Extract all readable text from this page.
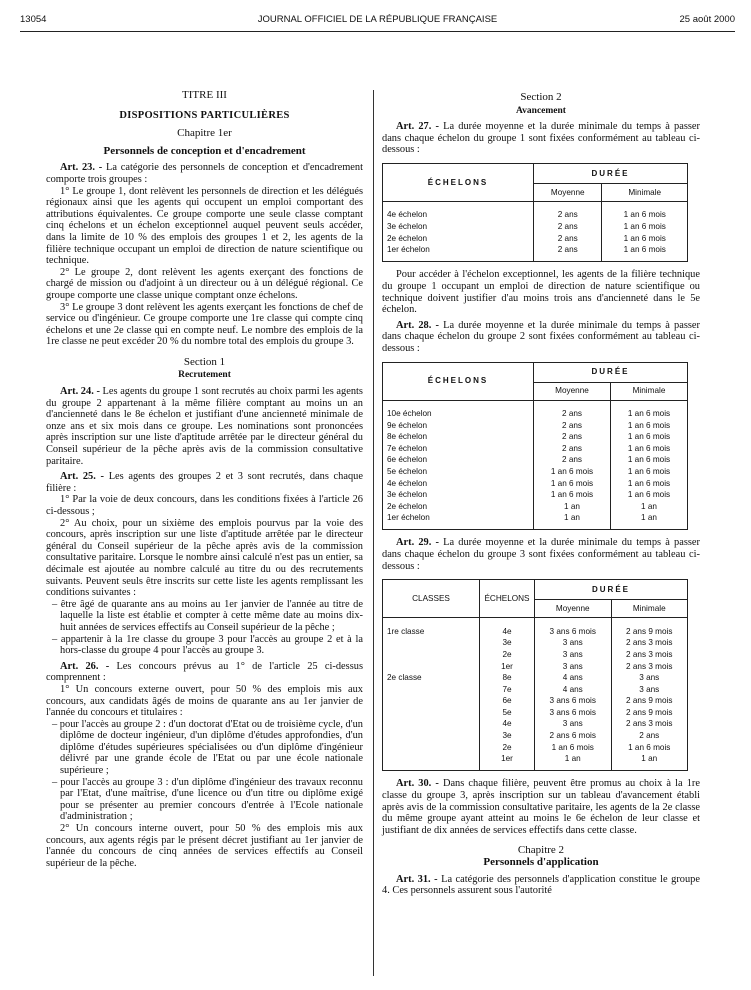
13054	JOURNAL OFFICIEL DE LA RÉPUBLIQUE FRANÇAISE	25 août 2000

TITRE III

DISPOSITIONS PARTICULIÈRES

Chapitre 1er

Personnels de conception et d'encadrement

Art. 23. - La catégorie des personnels de conception et d'encadrement comporte trois groupes :

1° Le groupe 1, dont relèvent les personnels de direction et les délégués régionaux ainsi que les agents qui occupent un emploi comportant des attributions équivalentes. Ce groupe comporte une seule classe comptant cinq échelons et un échelon exceptionnel auquel peuvent seuls accéder, dans la limite de 10 % des emplois des groupes 1 et 2, les agents de la filière technique occupant un emploi de direction de nature scientifique ou technique.

2° Le groupe 2, dont relèvent les agents exerçant des fonctions de chargé de mission ou d'adjoint à un directeur ou à un délégué régional. Ce groupe comporte une classe unique comptant onze échelons.

3° Le groupe 3 dont relèvent les agents exerçant les fonctions de chef de service ou d'ingénieur. Ce groupe comporte une 1re classe qui compte cinq échelons et une 2e classe qui en compte neuf. Le nombre des emplois de la 1re classe ne peut excéder 20 % du nombre total des emplois du groupe 3.

Section 1

Recrutement

Art. 24. - Les agents du groupe 1 sont recrutés au choix parmi les agents du groupe 2 appartenant à la même filière comptant au moins un an d'ancienneté dans le 8e échelon et justifiant d'une ancienneté minimale de onze ans et six mois dans ce groupe. Les nominations sont prononcées après inscription sur une liste d'aptitude arrêtée par le directeur général du Conseil supérieur de la pêche après avis de la commission consultative paritaire.

Art. 25. - Les agents des groupes 2 et 3 sont recrutés, dans chaque filière :

1° Par la voie de deux concours, dans les conditions fixées à l'article 26 ci-dessous ;

2° Au choix, pour un sixième des emplois pourvus par la voie des concours, après inscription sur une liste d'aptitude arrêtée par le directeur général du Conseil supérieur de la pêche après avis de la commission consultative paritaire. Lorsque le nombre ainsi calculé n'est pas un entier, sa décimale est ajoutée au nombre calculé au titre du ou des recrutements suivants. Peuvent seuls être inscrits sur cette liste les agents remplissant les conditions suivantes :

– être âgé de quarante ans au moins au 1er janvier de l'année au titre de laquelle la liste est établie et compter à cette même date au moins dix-huit années de services effectifs au Conseil supérieur de la pêche ;

– appartenir à la 1re classe du groupe 3 pour l'accès au groupe 2 et à la hors-classe du groupe 4 pour l'accès au groupe 3.

Art. 26. - Les concours prévus au 1° de l'article 25 ci-dessus comprennent :

1° Un concours externe ouvert, pour 50 % des emplois mis aux concours, aux candidats âgés de moins de quarante ans au 1er janvier de l'année du concours et titulaires :

– pour l'accès au groupe 2 : d'un doctorat d'Etat ou de troisième cycle, d'un diplôme de docteur ingénieur, d'un diplôme d'études approfondies, d'un diplôme d'études supérieures spécialisées ou d'un diplôme d'ingénieur délivré par une grande école de l'Etat ou par une école nationale supérieure ;

– pour l'accès au groupe 3 : d'un diplôme d'ingénieur des travaux reconnu par l'Etat, d'une maîtrise, d'une licence ou d'un titre ou diplôme exigé pour se présenter au premier concours d'entrée à l'Ecole nationale d'administration ;

2° Un concours interne ouvert, pour 50 % des emplois mis aux concours, aux agents régis par le présent décret justifiant au 1er janvier de l'année du concours de cinq années de services effectifs au Conseil supérieur de la pêche.

Section 2

Avancement

Art. 27. - La durée moyenne et la durée minimale du temps à passer dans chaque échelon du groupe 1 sont fixées conformément au tableau ci-dessous :

ÉCHELONS	DURÉE	
	Moyenne	Minimale

4e échelon	2 ans	1 an 6 mois
3e échelon	2 ans	1 an 6 mois
2e échelon	2 ans	1 an 6 mois
1er échelon	2 ans	1 an 6 mois

Pour accéder à l'échelon exceptionnel, les agents de la filière technique du groupe 1 occupant un emploi de direction de nature scientifique ou technique doivent justifier d'au moins trois ans d'ancienneté dans le 5e échelon.

Art. 28. - La durée moyenne et la durée minimale du temps à passer dans chaque échelon du groupe 2 sont fixées conformément au tableau ci-dessous :

ÉCHELONS	DURÉE	
	Moyenne	Minimale

10e échelon	2 ans	1 an 6 mois
9e échelon	2 ans	1 an 6 mois
8e échelon	2 ans	1 an 6 mois
7e échelon	2 ans	1 an 6 mois
6e échelon	2 ans	1 an 6 mois
5e échelon	1 an 6 mois	1 an 6 mois
4e échelon	1 an 6 mois	1 an 6 mois
3e échelon	1 an 6 mois	1 an 6 mois
2e échelon	1 an	1 an
1er échelon	1 an	1 an

Art. 29. - La durée moyenne et la durée minimale du temps à passer dans chaque échelon du groupe 3 sont fixées conformément au tableau ci-dessous :

CLASSES	ÉCHELONS	DURÉE	
		Moyenne	Minimale

1re classe	4e	3 ans 6 mois	2 ans 9 mois
	3e	3 ans	2 ans 3 mois
	2e	3 ans	2 ans 3 mois
	1er	3 ans	2 ans 3 mois
2e classe	8e	4 ans	3 ans
	7e	4 ans	3 ans
	6e	3 ans 6 mois	2 ans 9 mois
	5e	3 ans 6 mois	2 ans 9 mois
	4e	3 ans	2 ans 3 mois
	3e	2 ans 6 mois	2 ans
	2e	1 an 6 mois	1 an 6 mois
	1er	1 an	1 an

Art. 30. - Dans chaque filière, peuvent être promus au choix à la 1re classe du groupe 3, après inscription sur un tableau d'avancement établi après avis de la commission consultative paritaire, les agents de la 2e classe du même groupe ayant atteint au moins le 6e échelon de leur classe et justifiant de dix années de services effectifs dans cette classe.

Chapitre 2

Personnels d'application

Art. 31. - La catégorie des personnels d'application constitue le groupe 4. Ces personnels assurent sous l'autorité
